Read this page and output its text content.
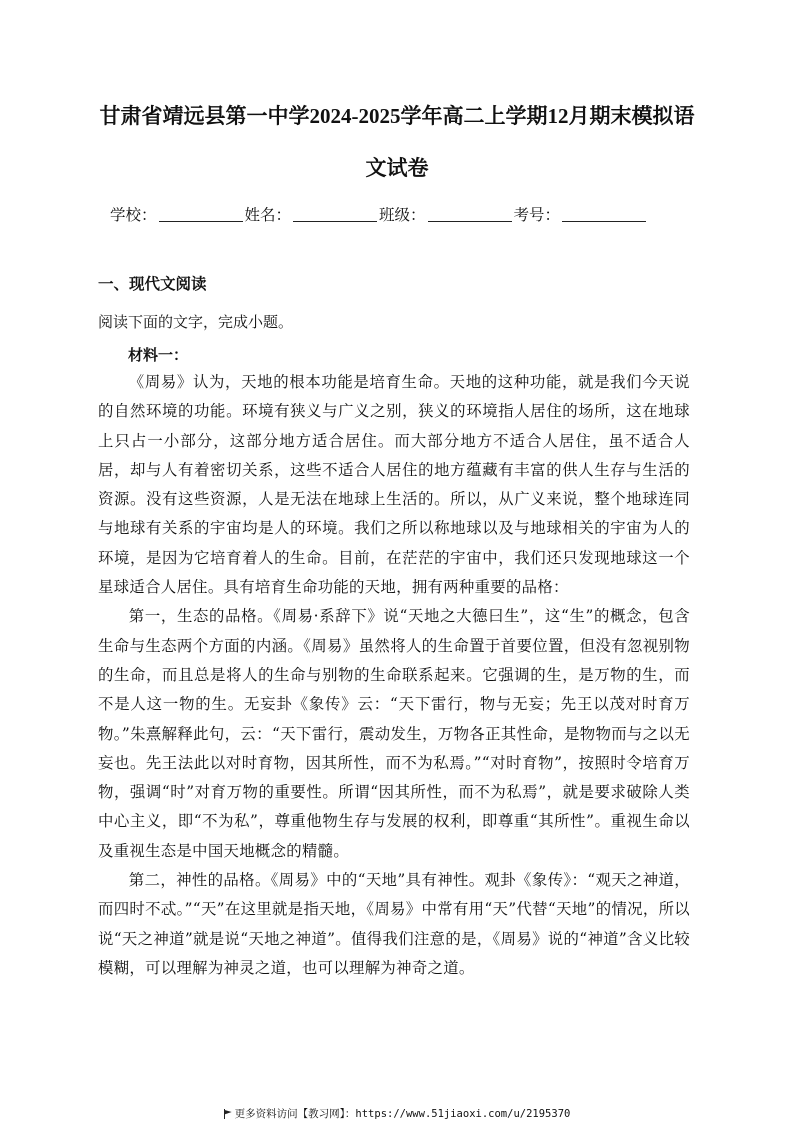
甘肃省靖远县第一中学2024-2025学年高二上学期12月期末模拟语
文试卷
学校：	姓名：	班级：	考号：
一、现代文阅读
阅读下面的文字，完成小题。
材料一：

《周易》认为，天地的根本功能是培育生命。天地的这种功能，就是我们今天说的自然环境的功能。环境有狭义与广义之别，狭义的环境指人居住的场所，这在地球上只占一小部分，这部分地方适合居住。而大部分地方不适合人居住，虽不适合人居，却与人有着密切关系，这些不适合人居住的地方蕴藏有丰富的供人生存与生活的资源。没有这些资源，人是无法在地球上生活的。所以，从广义来说，整个地球连同与地球有关系的宇宙均是人的环境。我们之所以称地球以及与地球相关的宇宙为人的环境，是因为它培育着人的生命。目前，在茫茫的宇宙中，我们还只发现地球这一个星球适合人居住。具有培育生命功能的天地，拥有两种重要的品格：

第一，生态的品格。《周易·系辞下》说“天地之大德曰生”，这“生”的概念，包含生命与生态两个方面的内涵。《周易》虽然将人的生命置于首要位置，但没有忽视别物的生命，而且总是将人的生命与别物的生命联系起来。它强调的生，是万物的生，而不是人这一物的生。无妄卦《象传》云：“天下雷行，物与无妄；先王以茂对时育万物。”朱熹解释此句，云：“天下雷行，震动发生，万物各正其性命，是物物而与之以无妄也。先王法此以对时育物，因其所性，而不为私焉。”“对时育物”，按照时令培育万物，强调“时”对育万物的重要性。所谓“因其所性，而不为私焉”，就是要求破除人类中心主义，即“不为私”，尊重他物生存与发展的权利，即尊重“其所性”。重视生命以及重视生态是中国天地概念的精髓。

第二，神性的品格。《周易》中的“天地”具有神性。观卦《象传》：“观天之神道，而四时不忒。”“天”在这里就是指天地，《周易》中常有用“天”代替“天地”的情况，所以说“天之神道”就是说“天地之神道”。值得我们注意的是，《周易》说的“神道”含义比较模糊，可以理解为神灵之道，也可以理解为神奇之道。

更多资料访问【教习网】：https://www.51jiaoxi.com/u/2195370
